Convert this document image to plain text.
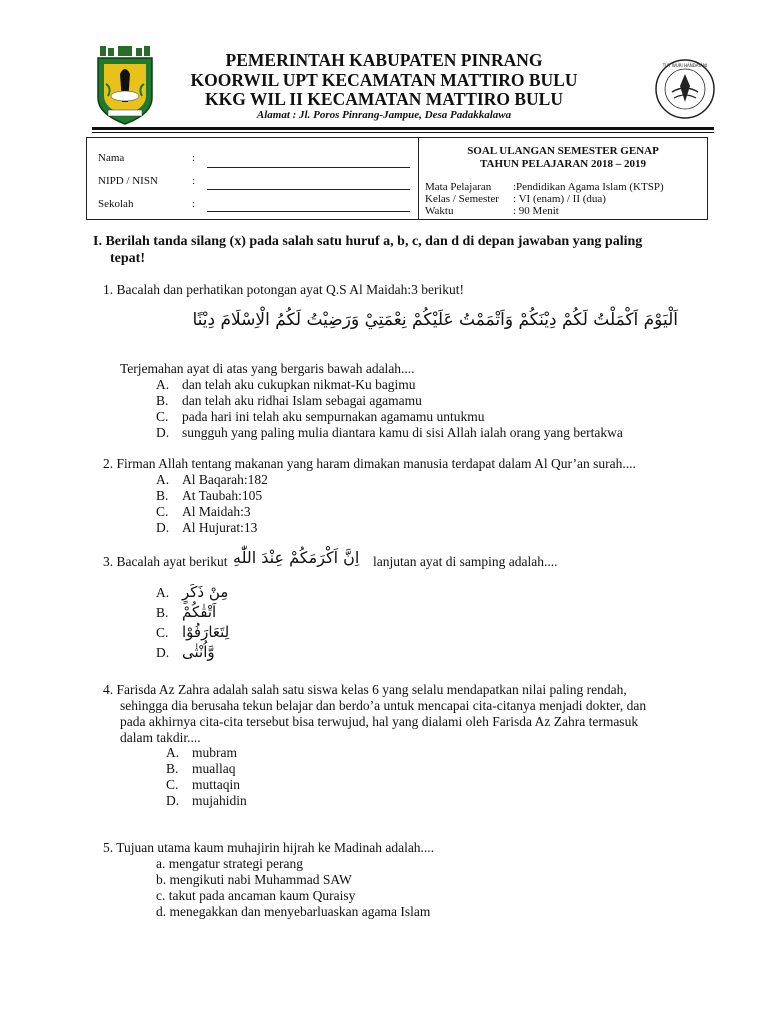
TUT WURI HANDAYANI
PEMERINTAH KABUPATEN PINRANG
KOORWIL UPT KECAMATAN MATTIRO BULU
KKG WIL II KECAMATAN MATTIRO BULU
Alamat : Jl. Poros Pinrang-Jampue, Desa Padakkalawa
Nama	:
NIPD / NISN	:
Sekolah	:
SOAL ULANGAN SEMESTER GENAP
TAHUN PELAJARAN 2018 – 2019
Mata Pelajaran :Pendidikan Agama Islam (KTSP)
Kelas / Semester : VI (enam) / II (dua)
Waktu	: 90 Menit
I. Berilah tanda silang (x) pada salah satu huruf a, b, c, dan d di depan jawaban yang paling
tepat!
1. Bacalah dan perhatikan potongan ayat Q.S Al Maidah:3 berikut!
اَلْيَوْمَ اَكْمَلْتُ لَكُمْ دِيْنَكُمْ وَاَتْمَمْتُ عَلَيْكُمْ نِعْمَتِيْ وَرَضِيْتُ لَكُمُ الْاِسْلَامَ دِيْنًا
Terjemahan ayat di atas yang bergaris bawah adalah....
A. dan telah aku cukupkan nikmat-Ku bagimu
B. dan telah aku ridhai Islam sebagai agamamu
C. pada hari ini telah aku sempurnakan agamamu untukmu
D. sungguh yang paling mulia diantara kamu di sisi Allah ialah orang yang bertakwa
2. Firman Allah tentang makanan yang haram dimakan manusia terdapat dalam Al Qur’an surah....
A. Al Baqarah:182
B. At Taubah:105
C. Al Maidah:3
D. Al Hujurat:13
3. Bacalah ayat berikut اِنَّ اَكْرَمَكُمْ عِنْدَ اللّٰهِ lanjutan ayat di samping adalah....
A. مِنْ ذَكَرٍ
B. اَتْقٰكُمْ
C. لِتَعَارَفُوْا
D. وَّاُنْثٰى
4. Farisda Az Zahra adalah salah satu siswa kelas 6 yang selalu mendapatkan nilai paling rendah,
sehingga dia berusaha tekun belajar dan berdo’a untuk mencapai cita-citanya menjadi dokter, dan
pada akhirnya cita-cita tersebut bisa terwujud, hal yang dialami oleh Farisda Az Zahra termasuk
dalam takdir....
A. mubram
B. muallaq
C. muttaqin
D. mujahidin
5. Tujuan utama kaum muhajirin hijrah ke Madinah adalah....
a. mengatur strategi perang
b. mengikuti nabi Muhammad SAW
c. takut pada ancaman kaum Quraisy
d. menegakkan dan menyebarluaskan agama Islam
